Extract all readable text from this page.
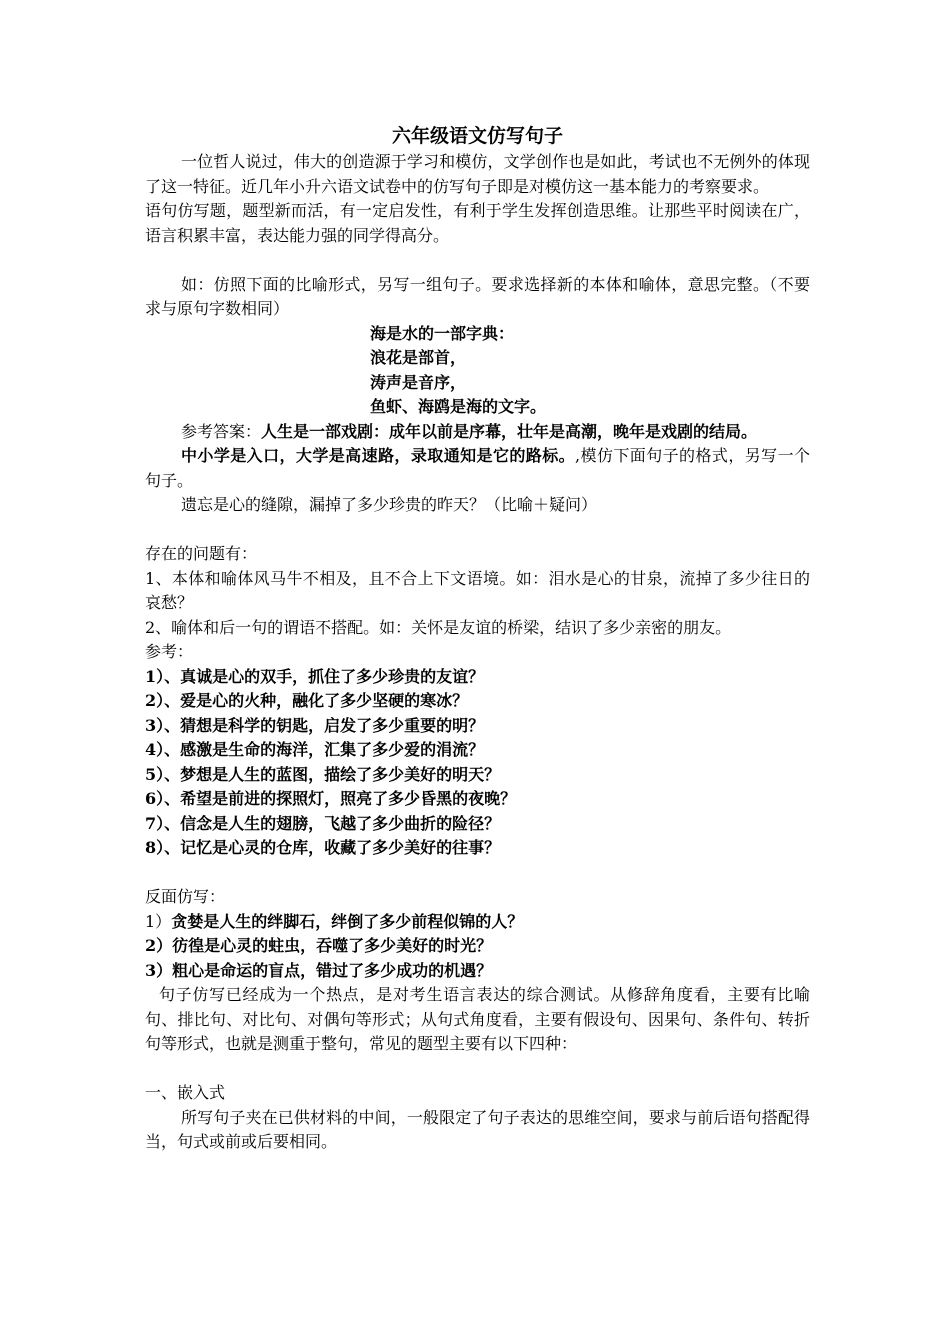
六年级语文仿写句子

一位哲人说过，伟大的创造源于学习和模仿，文学创作也是如此，考试也不无例外的体现了这一特征。近几年小升六语文试卷中的仿写句子即是对模仿这一基本能力的考察要求。

语句仿写题，题型新而活，有一定启发性，有利于学生发挥创造思维。让那些平时阅读在广，语言积累丰富，表达能力强的同学得高分。

如：仿照下面的比喻形式，另写一组句子。要求选择新的本体和喻体，意思完整。（不要求与原句字数相同）

海是水的一部字典：
浪花是部首，
涛声是音序，
鱼虾、海鸥是海的文字。

参考答案：人生是一部戏剧：成年以前是序幕，壮年是高潮，晚年是戏剧的结局。

中小学是入口，大学是高速路，录取通知是它的路标。,模仿下面句子的格式，另写一个句子。

遗忘是心的缝隙，漏掉了多少珍贵的昨天？（比喻＋疑问）

存在的问题有：

1、本体和喻体风马牛不相及，且不合上下文语境。如：泪水是心的甘泉，流掉了多少往日的哀愁？

2、喻体和后一句的谓语不搭配。如：关怀是友谊的桥梁，结识了多少亲密的朋友。

参考：

1）、真诚是心的双手，抓住了多少珍贵的友谊？

2）、爱是心的火种，融化了多少坚硬的寒冰？

3）、猜想是科学的钥匙，启发了多少重要的明？

4）、感激是生命的海洋，汇集了多少爱的涓流？

5）、梦想是人生的蓝图，描绘了多少美好的明天？

6）、希望是前进的探照灯，照亮了多少昏黑的夜晚？

7）、信念是人生的翅膀，飞越了多少曲折的险径？

8）、记忆是心灵的仓库，收藏了多少美好的往事？

反面仿写：

1）贪婪是人生的绊脚石，绊倒了多少前程似锦的人？

2）彷徨是心灵的蛀虫，吞噬了多少美好的时光？

3）粗心是命运的盲点，错过了多少成功的机遇？

句子仿写已经成为一个热点，是对考生语言表达的综合测试。从修辞角度看，主要有比喻句、排比句、对比句、对偶句等形式；从句式角度看，主要有假设句、因果句、条件句、转折句等形式，也就是测重于整句，常见的题型主要有以下四种：

一、嵌入式

所写句子夹在已供材料的中间，一般限定了句子表达的思维空间，要求与前后语句搭配得当，句式或前或后要相同。
